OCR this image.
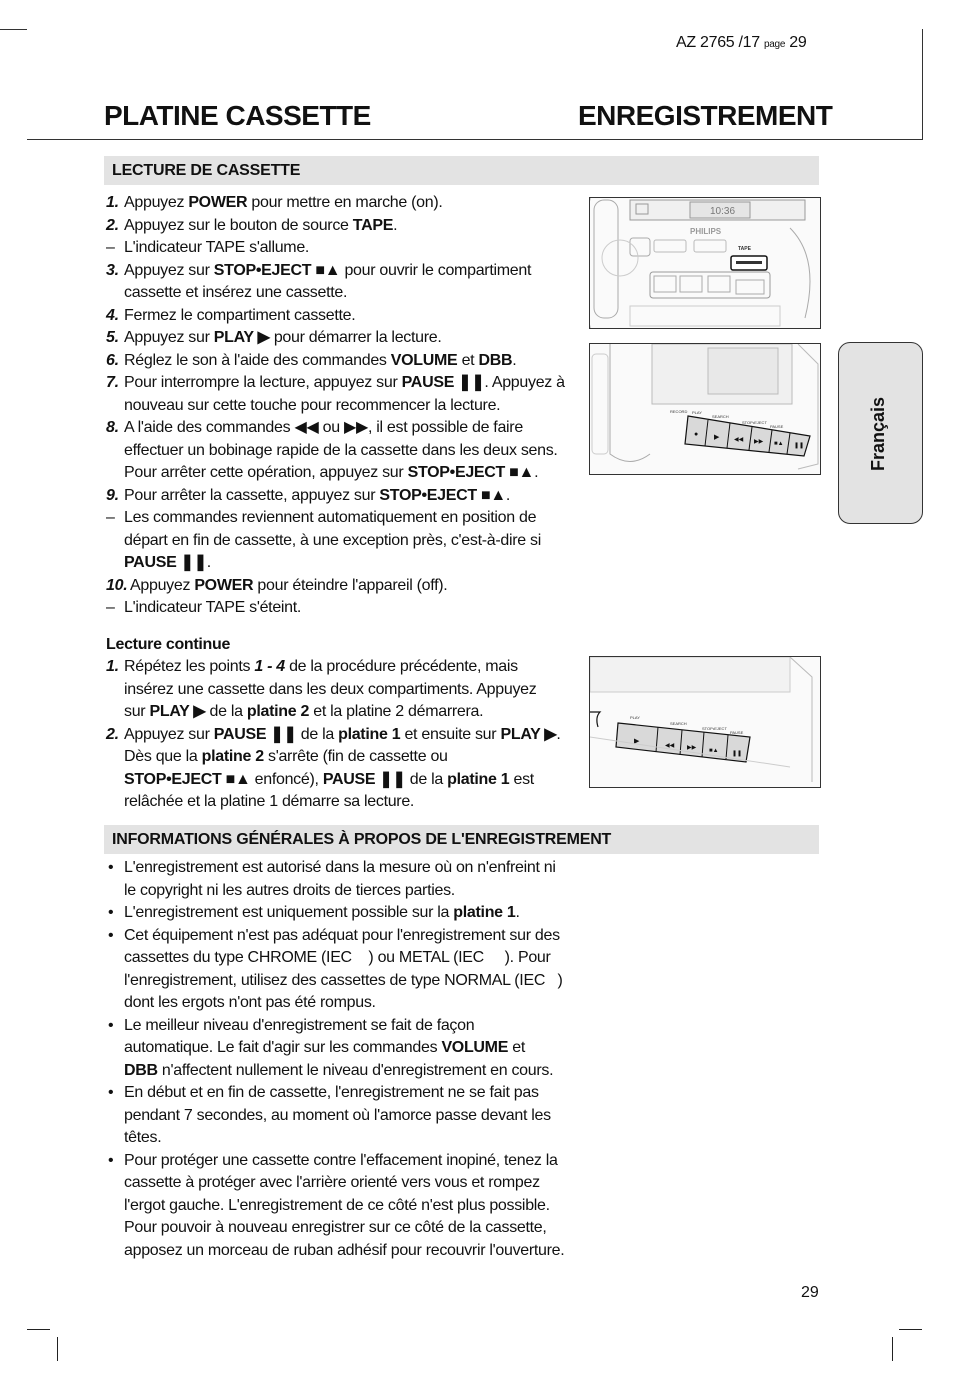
AZ 2765 /17 page 29
PLATINE CASSETTE	ENREGISTREMENT
LECTURE DE CASSETTE
1. Appuyez POWER pour mettre en marche (on).
2. Appuyez sur le bouton de source TAPE.
– L'indicateur TAPE s'allume.
3. Appuyez sur STOP•EJECT ■▲ pour ouvrir le compartiment
cassette et insérez une cassette.
4. Fermez le compartiment cassette.
5. Appuyez sur PLAY ▶ pour démarrer la lecture.
6. Réglez le son à l'aide des commandes VOLUME et DBB.
7. Pour interrompre la lecture, appuyez sur PAUSE ❚❚. Appuyez à
nouveau sur cette touche pour recommencer la lecture.
8. A l'aide des commandes ◀◀ ou ▶▶, il est possible de faire
effectuer un bobinage rapide de la cassette dans les deux sens.
Pour arrêter cette opération, appuyez sur STOP•EJECT ■▲.
9. Pour arrêter la cassette, appuyez sur STOP•EJECT ■▲.
– Les commandes reviennent automatiquement en position de
départ en fin de cassette, à une exception près, c'est-à-dire si
PAUSE ❚❚.
10. Appuyez POWER pour éteindre l'appareil (off).
– L'indicateur TAPE s'éteint.
Lecture continue
1. Répétez les points 1 - 4 de la procédure précédente, mais
insérez une cassette dans les deux compartiments. Appuyez
sur PLAY ▶ de la platine 2 et la platine 2 démarrera.
2. Appuyez sur PAUSE ❚❚ de la platine 1 et ensuite sur PLAY ▶.
Dès que la platine 2 s'arrête (fin de cassette ou
STOP•EJECT ■▲ enfoncé), PAUSE ❚❚ de la platine 1 est
relâchée et la platine 1 démarre sa lecture.
INFORMATIONS GÉNÉRALES À PROPOS DE L'ENREGISTREMENT
• L'enregistrement est autorisé dans la mesure où on n'enfreint ni
le copyright ni les autres droits de tierces parties.
• L'enregistrement est uniquement possible sur la platine 1.
• Cet équipement n'est pas adéquat pour l'enregistrement sur des
cassettes du type CHROME (IEC    ) ou METAL (IEC     ). Pour
l'enregistrement, utilisez des cassettes de type NORMAL (IEC   )
dont les ergots n'ont pas été rompus.
• Le meilleur niveau d'enregistrement se fait de façon
automatique. Le fait d'agir sur les commandes VOLUME et
DBB n'affectent nullement le niveau d'enregistrement en cours.
• En début et en fin de cassette, l'enregistrement ne se fait pas
pendant 7 secondes, au moment où l'amorce passe devant les
têtes.
• Pour protéger une cassette contre l'effacement inopiné, tenez la
cassette à protéger avec l'arrière orienté vers vous et rompez
l'ergot gauche. L'enregistrement de ce côté n'est plus possible.
Pour pouvoir à nouveau enregistrer sur ce côté de la cassette,
apposez un morceau de ruban adhésif pour recouvrir l'ouverture.
10:36
PHILIPS
TAPE
RECORD PLAY
SEARCH
STOP•EJECT
PAUSE
● ▶ ◀◀ ▶▶ ■▲ ❚❚
PLAY
SEARCH
STOP•EJECT
PAUSE
▶
◀◀ ▶▶ ■▲ ❚❚
Français
29
